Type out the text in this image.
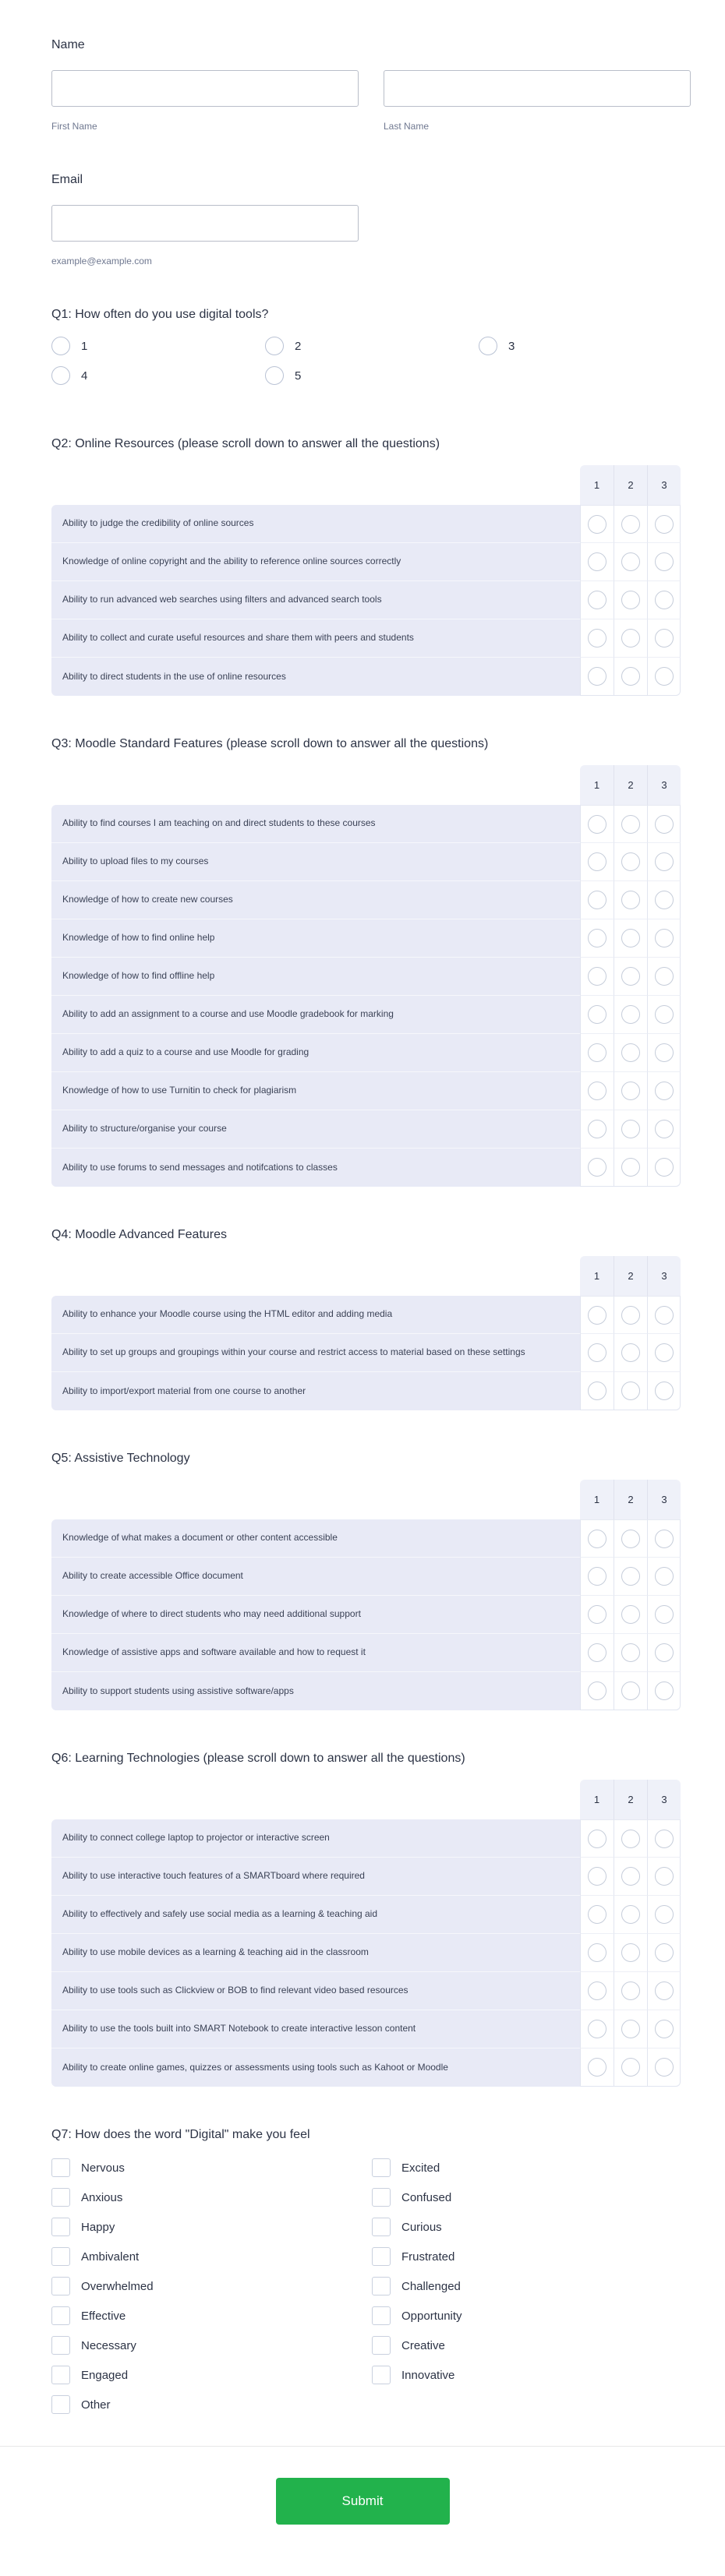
Name
First Name	Last Name
Email
example@example.com
Q1: How often do you use digital tools?
1	2	3
4	5
Q2: Online Resources (please scroll down to answer all the questions)
1	2	3
Ability to judge the credibility of online sources
Knowledge of online copyright and the ability to reference online sources correctly
Ability to run advanced web searches using filters and advanced search tools
Ability to collect and curate useful resources and share them with peers and students
Ability to direct students in the use of online resources
Q3: Moodle Standard Features (please scroll down to answer all the questions)
1	2	3
Ability to find courses I am teaching on and direct students to these courses
Ability to upload files to my courses
Knowledge of how to create new courses
Knowledge of how to find online help
Knowledge of how to find offline help
Ability to add an assignment to a course and use Moodle gradebook for marking
Ability to add a quiz to a course and use Moodle for grading
Knowledge of how to use Turnitin to check for plagiarism
Ability to structure/organise your course
Ability to use forums to send messages and notifcations to classes
Q4: Moodle Advanced Features
1	2	3
Ability to enhance your Moodle course using the HTML editor and adding media
Ability to set up groups and groupings within your course and restrict access to material based on these settings
Ability to import/export material from one course to another
Q5: Assistive Technology
1	2	3
Knowledge of what makes a document or other content accessible
Ability to create accessible Office document
Knowledge of where to direct students who may need additional support
Knowledge of assistive apps and software available and how to request it
Ability to support students using assistive software/apps
Q6: Learning Technologies (please scroll down to answer all the questions)
1	2	3
Ability to connect college laptop to projector or interactive screen
Ability to use interactive touch features of a SMARTboard where required
Ability to effectively and safely use social media as a learning & teaching aid
Ability to use mobile devices as a learning & teaching aid in the classroom
Ability to use tools such as Clickview or BOB to find relevant video based resources
Ability to use the tools built into SMART Notebook to create interactive lesson content
Ability to create online games, quizzes or assessments using tools such as Kahoot or Moodle
Q7: How does the word "Digital" make you feel
Nervous	Excited
Anxious	Confused
Happy	Curious
Ambivalent	Frustrated
Overwhelmed	Challenged
Effective	Opportunity
Necessary	Creative
Engaged	Innovative
Other
Submit
